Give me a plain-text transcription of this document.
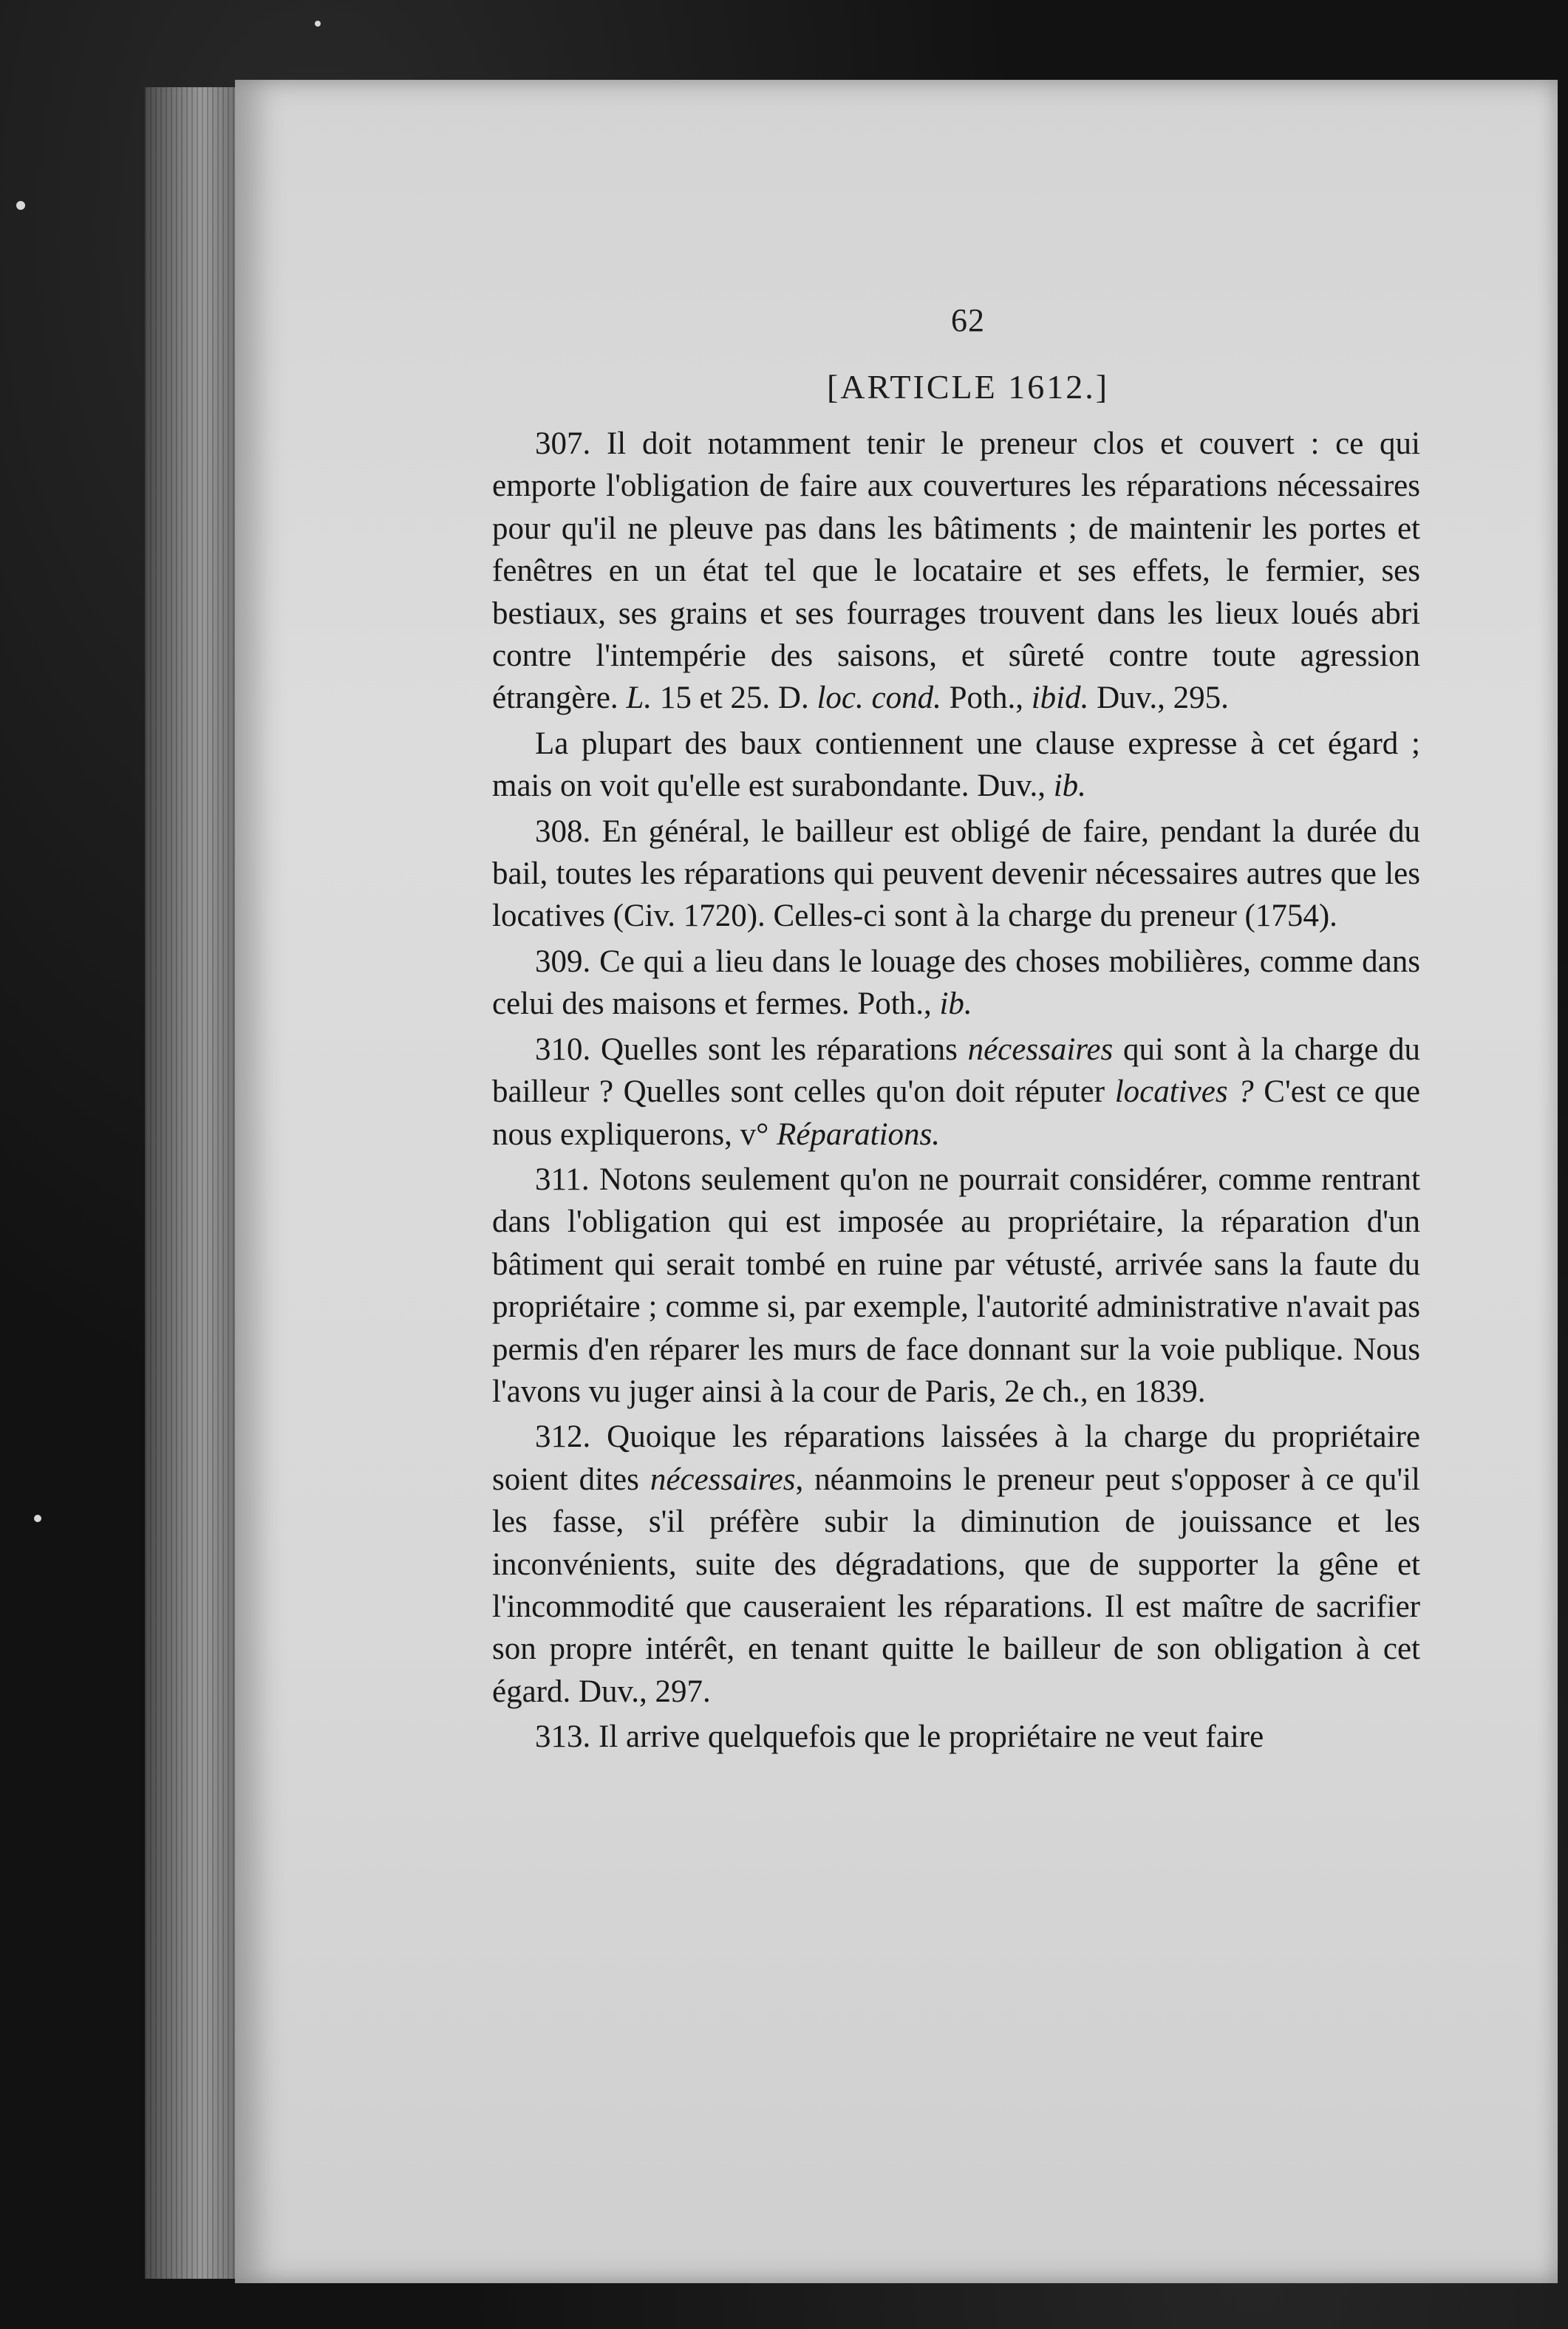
62
[ARTICLE 1612.]

307. Il doit notamment tenir le preneur clos et couvert : ce qui emporte l'obligation de faire aux couvertures les réparations nécessaires pour qu'il ne pleuve pas dans les bâtiments ; de maintenir les portes et fenêtres en un état tel que le locataire et ses effets, le fermier, ses bestiaux, ses grains et ses fourrages trouvent dans les lieux loués abri contre l'intempérie des saisons, et sûreté contre toute agression étrangère. L. 15 et 25. D. loc. cond. Poth., ibid. Duv., 295.

La plupart des baux contiennent une clause expresse à cet égard ; mais on voit qu'elle est surabondante. Duv., ib.

308. En général, le bailleur est obligé de faire, pendant la durée du bail, toutes les réparations qui peuvent devenir nécessaires autres que les locatives (Civ. 1720). Celles-ci sont à la charge du preneur (1754).

309. Ce qui a lieu dans le louage des choses mobilières, comme dans celui des maisons et fermes. Poth., ib.

310. Quelles sont les réparations nécessaires qui sont à la charge du bailleur ? Quelles sont celles qu'on doit réputer locatives ? C'est ce que nous expliquerons, v° Réparations.

311. Notons seulement qu'on ne pourrait considérer, comme rentrant dans l'obligation qui est imposée au propriétaire, la réparation d'un bâtiment qui serait tombé en ruine par vétusté, arrivée sans la faute du propriétaire ; comme si, par exemple, l'autorité administrative n'avait pas permis d'en réparer les murs de face donnant sur la voie publique. Nous l'avons vu juger ainsi à la cour de Paris, 2e ch., en 1839.

312. Quoique les réparations laissées à la charge du propriétaire soient dites nécessaires, néanmoins le preneur peut s'opposer à ce qu'il les fasse, s'il préfère subir la diminution de jouissance et les inconvénients, suite des dégradations, que de supporter la gêne et l'incommodité que causeraient les réparations. Il est maître de sacrifier son propre intérêt, en tenant quitte le bailleur de son obligation à cet égard. Duv., 297.

313. Il arrive quelquefois que le propriétaire ne veut faire
